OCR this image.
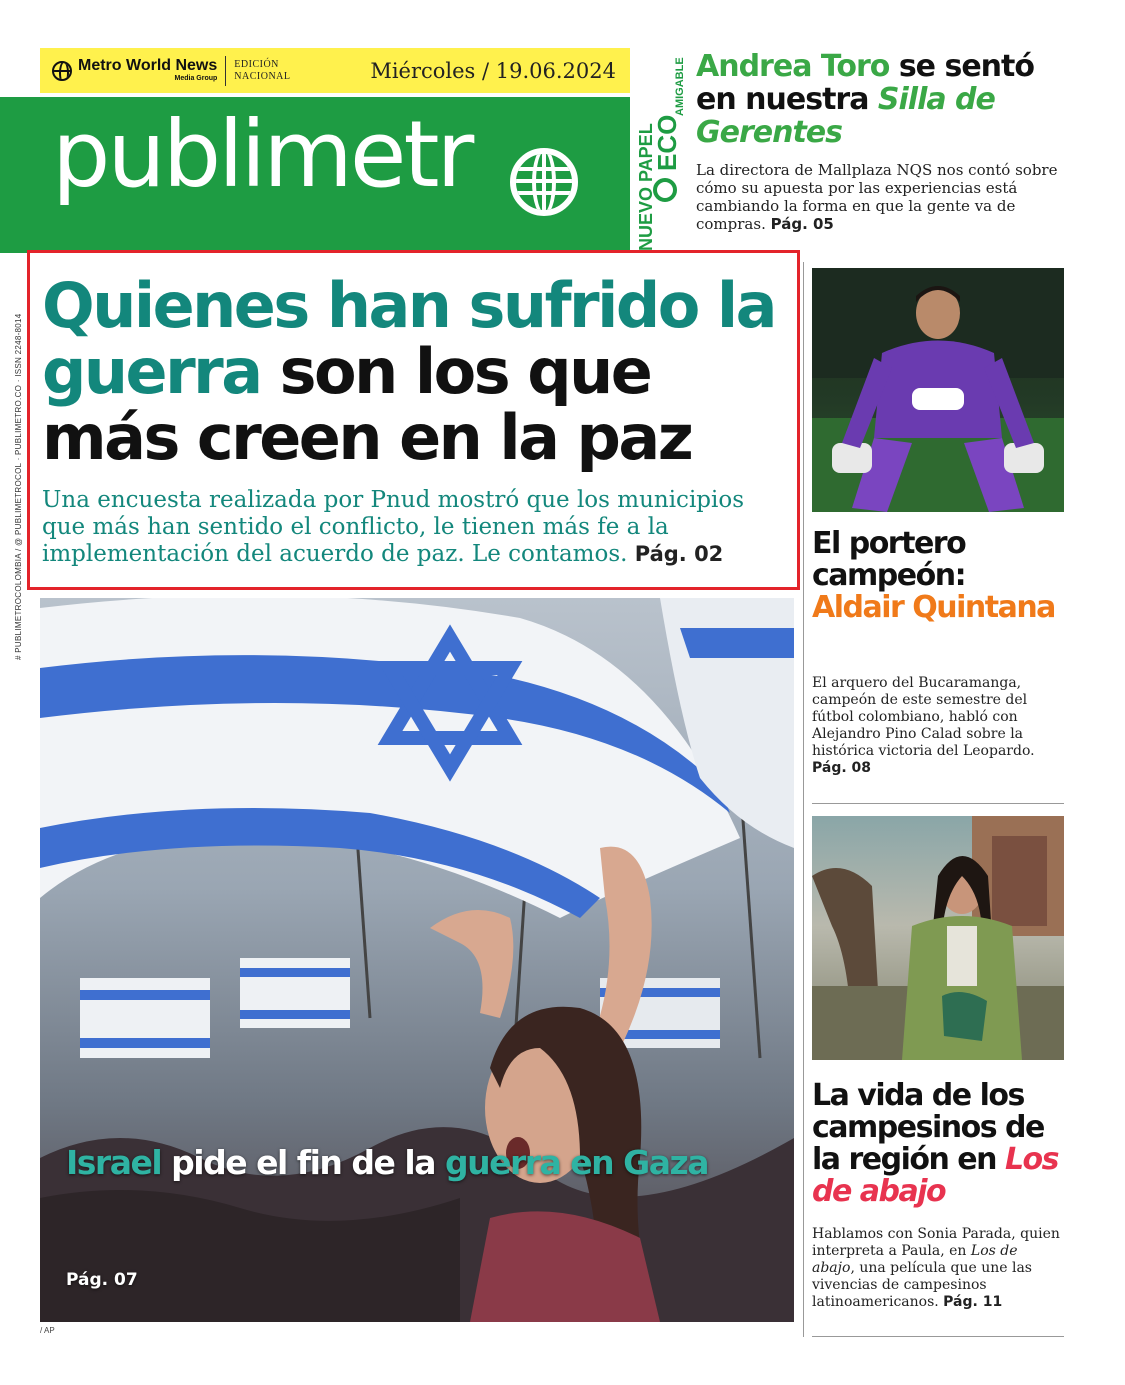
Metro World News
Media Group
EDICIÓN
NACIONAL	Miércoles / 19.06.2024
publimetr	NUEVO PAPEL
ECO
AMIGABLE Andrea Toro se sentó en nuestra Silla de Gerentes
La directora de Mallplaza NQS nos contó sobre cómo su apuesta por las experiencias está cambiando la forma en que la gente va de compras. Pág. 05
# PUBLIMETROCOLOMBIA / @ PUBLIMETROCOL · PUBLIMETRO.CO · ISSN 2248-8014
Quienes han sufrido la guerra son los que más creen en la paz
Una encuesta realizada por Pnud mostró que los municipios que más han sentido el conflicto, le tienen más fe a la implementación del acuerdo de paz. Le contamos. Pág. 02
Israel pide el fin de la guerra en Gaza
Pág. 07
/ AP
El portero campeón: Aldair Quintana
El arquero del Bucaramanga, campeón de este semestre del fútbol colombiano, habló con Alejandro Pino Calad sobre la histórica victoria del Leopardo.
Pág. 08
La vida de los campesinos de la región en Los de abajo
Hablamos con Sonia Parada, quien interpreta a Paula, en Los de abajo, una película que une las vivencias de campesinos latinoamericanos. Pág. 11
